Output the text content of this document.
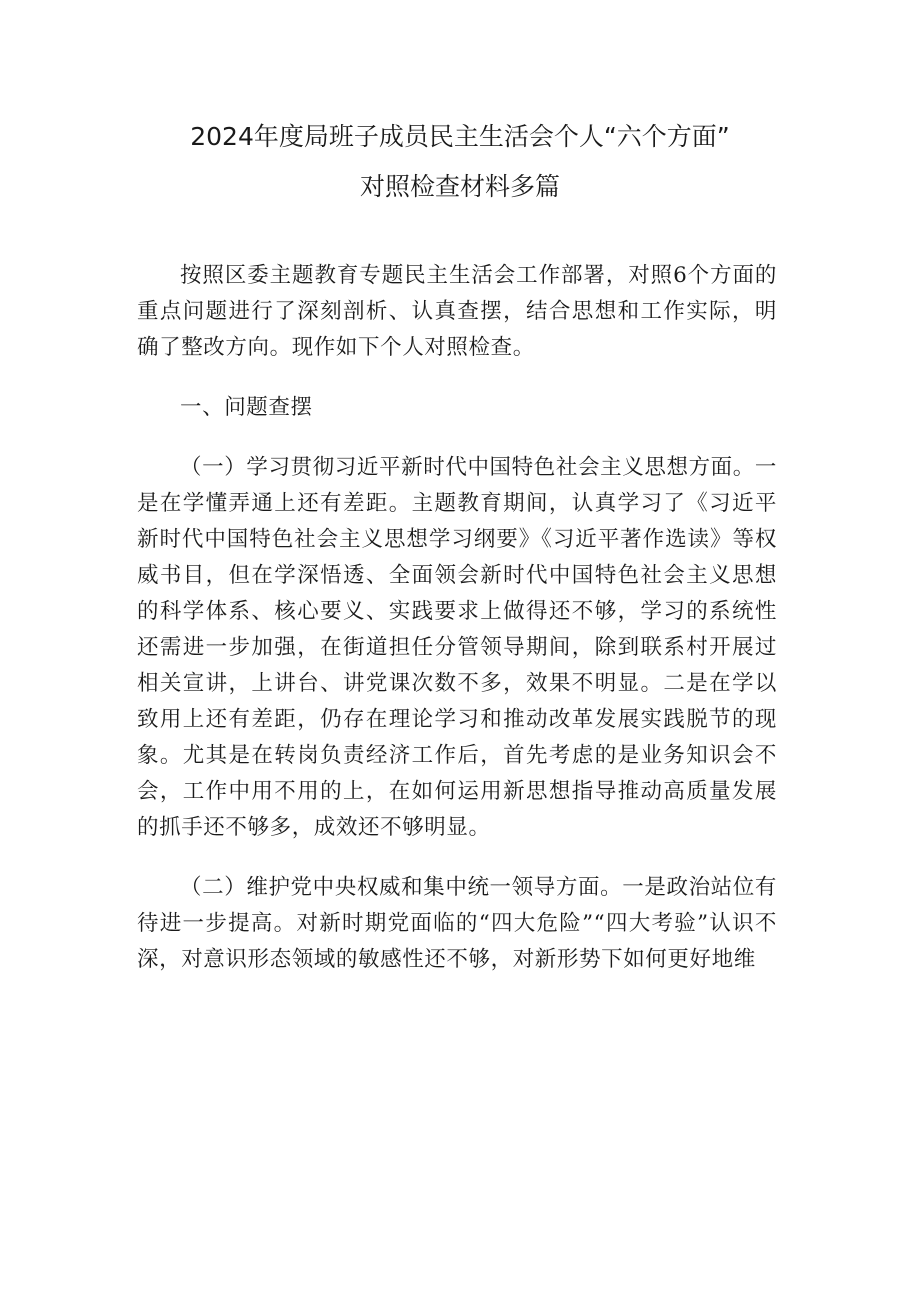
2024年度局班子成员民主生活会个人“六个方面”
对照检查材料多篇

按照区委主题教育专题民主生活会工作部署，对照6个方面的重点问题进行了深刻剖析、认真查摆，结合思想和工作实际，明确了整改方向。现作如下个人对照检查。

一、问题查摆

（一）学习贯彻习近平新时代中国特色社会主义思想方面。一是在学懂弄通上还有差距。主题教育期间，认真学习了《习近平新时代中国特色社会主义思想学习纲要》《习近平著作选读》等权威书目，但在学深悟透、全面领会新时代中国特色社会主义思想的科学体系、核心要义、实践要求上做得还不够，学习的系统性还需进一步加强，在街道担任分管领导期间，除到联系村开展过相关宣讲，上讲台、讲党课次数不多，效果不明显。二是在学以致用上还有差距，仍存在理论学习和推动改革发展实践脱节的现象。尤其是在转岗负责经济工作后，首先考虑的是业务知识会不会，工作中用不用的上，在如何运用新思想指导推动高质量发展的抓手还不够多，成效还不够明显。

（二）维护党中央权威和集中统一领导方面。一是政治站位有待进一步提高。对新时期党面临的“四大危险”“四大考验”认识不深，对意识形态领域的敏感性还不够，对新形势下如何更好地维
